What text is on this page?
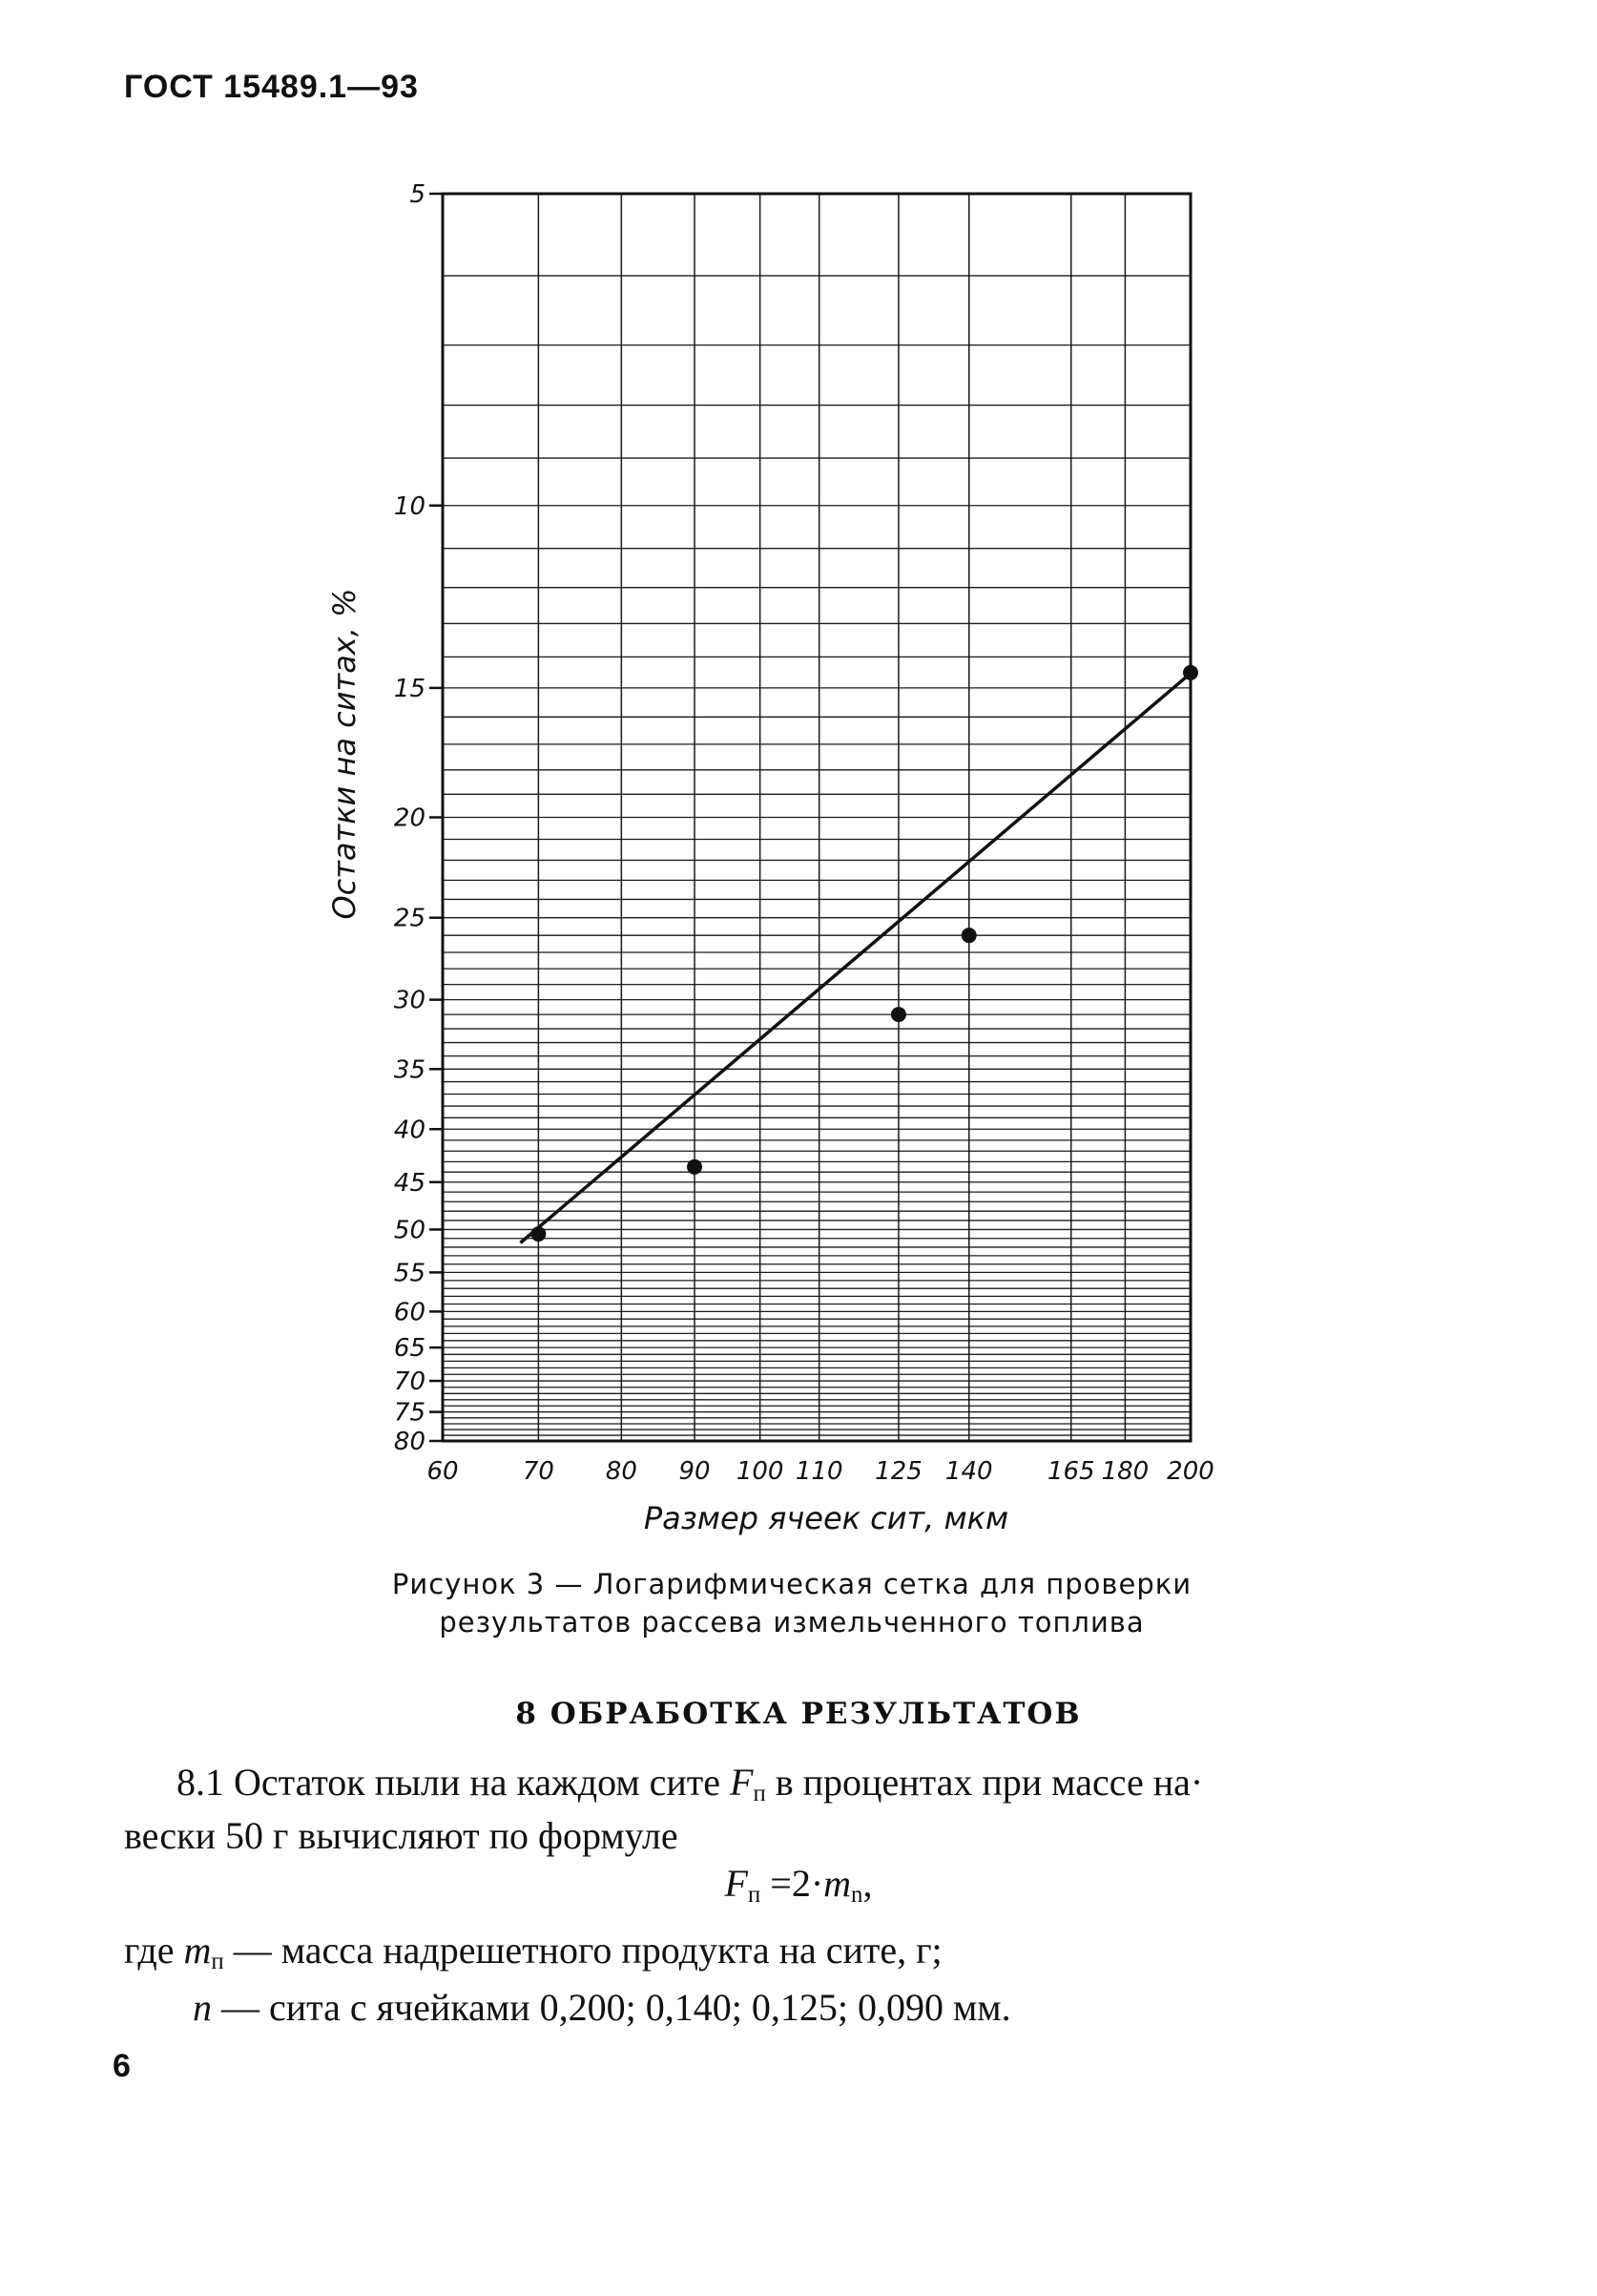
ГОСТ 15489.1—93
5
10
15
20
25
30
35
40
45
50
55
60
65
70
75
80
60	70 80 90 100 110 125 140 165 180 200
Размер ячеек сит, мкм
Остатки на ситах, %
Рисунок 3 — Логарифмическая сетка для проверки
результатов рассева измельченного топлива
8 ОБРАБОТКА РЕЗУЛЬТАТОВ
8.1 Остаток пыли на каждом сите $F_п$ в процентах при массе на·
вески 50 г вычисляют по формуле
$F_п =2\cdot m_n$,
где $m_п$ — масса надрешетного продукта на сите, г;
n — сита с ячейками 0,200; 0,140; 0,125; 0,090 мм.
6
